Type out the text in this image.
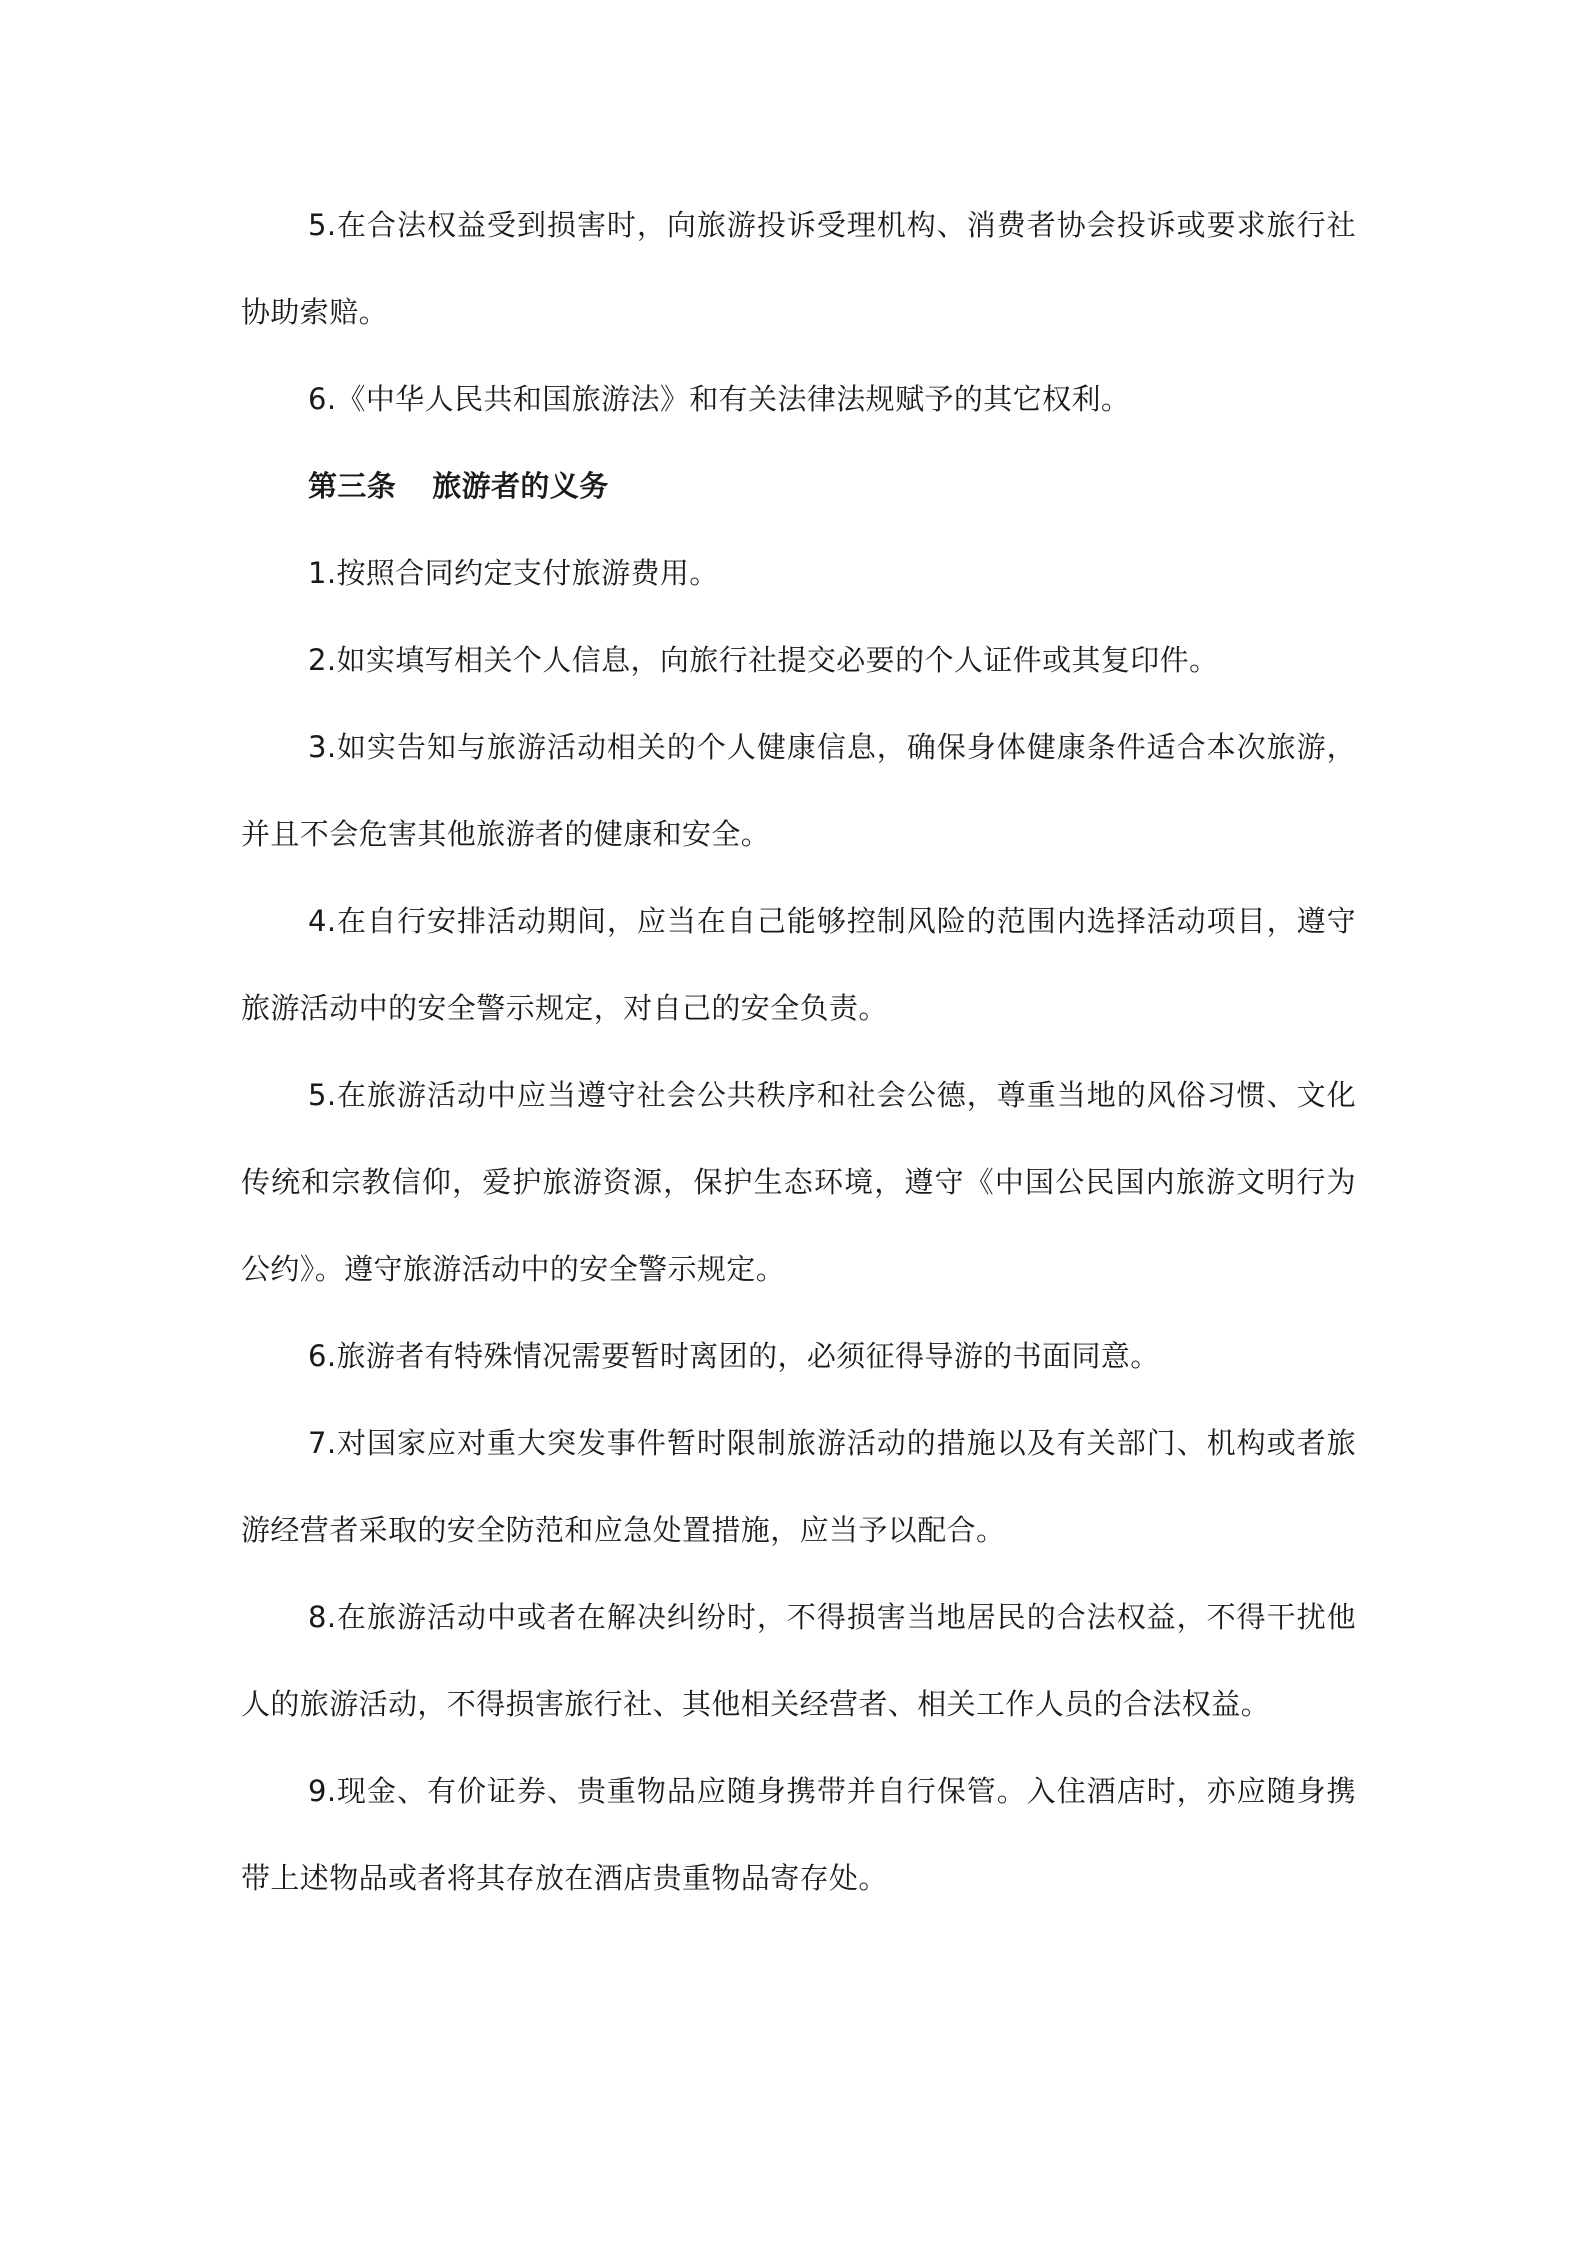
5.在合法权益受到损害时，向旅游投诉受理机构、消费者协会投诉或要求旅行社协助索赔。

6.《中华人民共和国旅游法》和有关法律法规赋予的其它权利。

第三条 旅游者的义务

1.按照合同约定支付旅游费用。

2.如实填写相关个人信息，向旅行社提交必要的个人证件或其复印件。

3.如实告知与旅游活动相关的个人健康信息，确保身体健康条件适合本次旅游，并且不会危害其他旅游者的健康和安全。

4.在自行安排活动期间，应当在自己能够控制风险的范围内选择活动项目，遵守旅游活动中的安全警示规定，对自己的安全负责。

5.在旅游活动中应当遵守社会公共秩序和社会公德，尊重当地的风俗习惯、文化传统和宗教信仰，爱护旅游资源，保护生态环境，遵守《中国公民国内旅游文明行为公约》。遵守旅游活动中的安全警示规定。

6.旅游者有特殊情况需要暂时离团的，必须征得导游的书面同意。

7.对国家应对重大突发事件暂时限制旅游活动的措施以及有关部门、机构或者旅游经营者采取的安全防范和应急处置措施，应当予以配合。

8.在旅游活动中或者在解决纠纷时，不得损害当地居民的合法权益，不得干扰他人的旅游活动，不得损害旅行社、其他相关经营者、相关工作人员的合法权益。

9.现金、有价证券、贵重物品应随身携带并自行保管。入住酒店时，亦应随身携带上述物品或者将其存放在酒店贵重物品寄存处。
